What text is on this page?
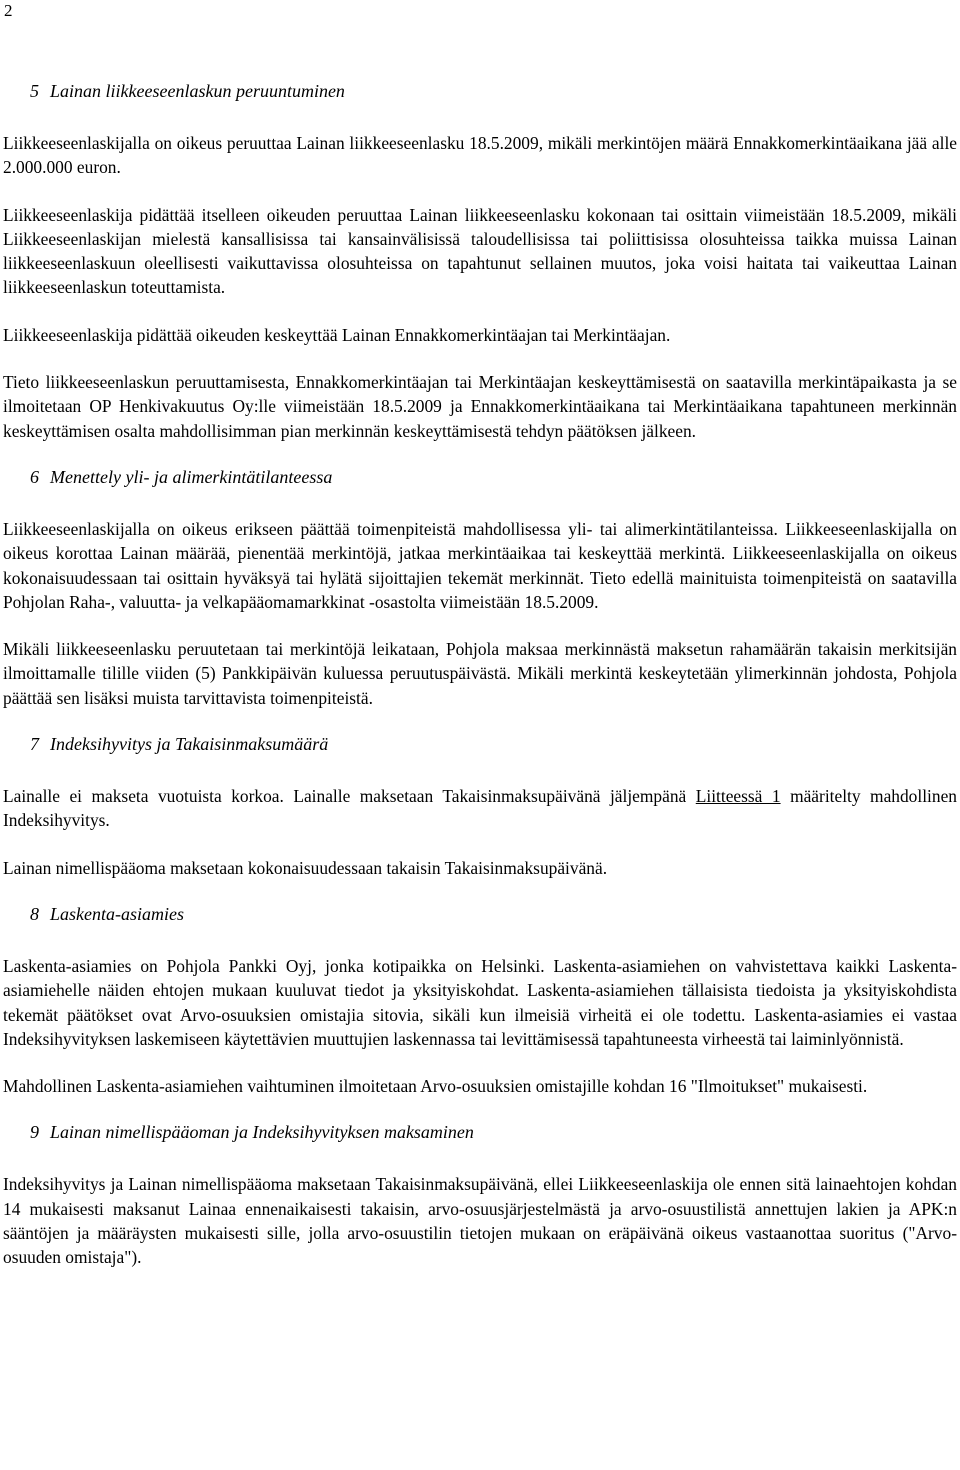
2
5 Lainan liikkeeseenlaskun peruuntuminen

Liikkeeseenlaskijalla on oikeus peruuttaa Lainan liikkeeseenlasku 18.5.2009, mikäli merkintöjen määrä Ennakkomerkintäaikana jää alle 2.000.000 euron.

Liikkeeseenlaskija pidättää itselleen oikeuden peruuttaa Lainan liikkeeseenlasku kokonaan tai osittain viimeistään 18.5.2009, mikäli Liikkeeseenlaskijan mielestä kansallisissa tai kansainvälisissä taloudellisissa tai poliittisissa olosuhteissa taikka muissa Lainan liikkeeseenlaskuun oleellisesti vaikuttavissa olosuhteissa on tapahtunut sellainen muutos, joka voisi haitata tai vaikeuttaa Lainan liikkeeseenlaskun toteuttamista.

Liikkeeseenlaskija pidättää oikeuden keskeyttää Lainan Ennakkomerkintäajan tai Merkintäajan.

Tieto liikkeeseenlaskun peruuttamisesta, Ennakkomerkintäajan tai Merkintäajan keskeyttämisestä on saatavilla merkintäpaikasta ja se ilmoitetaan OP Henkivakuutus Oy:lle viimeistään 18.5.2009 ja Ennakkomerkintäaikana tai Merkintäaikana tapahtuneen merkinnän keskeyttämisen osalta mahdollisimman pian merkinnän keskeyttämisestä tehdyn päätöksen jälkeen.

6 Menettely yli- ja alimerkintätilanteessa

Liikkeeseenlaskijalla on oikeus erikseen päättää toimenpiteistä mahdollisessa yli- tai alimerkintätilanteissa. Liikkeeseenlaskijalla on oikeus korottaa Lainan määrää, pienentää merkintöjä, jatkaa merkintäaikaa tai keskeyttää merkintä. Liikkeeseenlaskijalla on oikeus kokonaisuudessaan tai osittain hyväksyä tai hylätä sijoittajien tekemät merkinnät. Tieto edellä mainituista toimenpiteistä on saatavilla Pohjolan Raha-, valuutta- ja velkapääomamarkkinat -osastolta viimeistään 18.5.2009.

Mikäli liikkeeseenlasku peruutetaan tai merkintöjä leikataan, Pohjola maksaa merkinnästä maksetun rahamäärän takaisin merkitsijän ilmoittamalle tilille viiden (5) Pankkipäivän kuluessa peruutuspäivästä. Mikäli merkintä keskeytetään ylimerkinnän johdosta, Pohjola päättää sen lisäksi muista tarvittavista toimenpiteistä.

7 Indeksihyvitys ja Takaisinmaksumäärä

Lainalle ei makseta vuotuista korkoa. Lainalle maksetaan Takaisinmaksupäivänä jäljempänä Liitteessä 1 määritelty mahdollinen Indeksihyvitys.

Lainan nimellispääoma maksetaan kokonaisuudessaan takaisin Takaisinmaksupäivänä.

8 Laskenta-asiamies

Laskenta-asiamies on Pohjola Pankki Oyj, jonka kotipaikka on Helsinki. Laskenta-asiamiehen on vahvistettava kaikki Laskenta-asiamiehelle näiden ehtojen mukaan kuuluvat tiedot ja yksityiskohdat. Laskenta-asiamiehen tällaisista tiedoista ja yksityiskohdista tekemät päätökset ovat Arvo-osuuksien omistajia sitovia, sikäli kun ilmeisiä virheitä ei ole todettu. Laskenta-asiamies ei vastaa Indeksihyvityksen laskemiseen käytettävien muuttujien laskennassa tai levittämisessä tapahtuneesta virheestä tai laiminlyönnistä.

Mahdollinen Laskenta-asiamiehen vaihtuminen ilmoitetaan Arvo-osuuksien omistajille kohdan 16 "Ilmoitukset" mukaisesti.

9 Lainan nimellispääoman ja Indeksihyvityksen maksaminen

Indeksihyvitys ja Lainan nimellispääoma maksetaan Takaisinmaksupäivänä, ellei Liikkeeseenlaskija ole ennen sitä lainaehtojen kohdan 14 mukaisesti maksanut Lainaa ennenaikaisesti takaisin, arvo-osuusjärjestelmästä ja arvo-osuustilistä annettujen lakien ja APK:n sääntöjen ja määräysten mukaisesti sille, jolla arvo-osuustilin tietojen mukaan on eräpäivänä oikeus vastaanottaa suoritus ("Arvo-osuuden omistaja").
